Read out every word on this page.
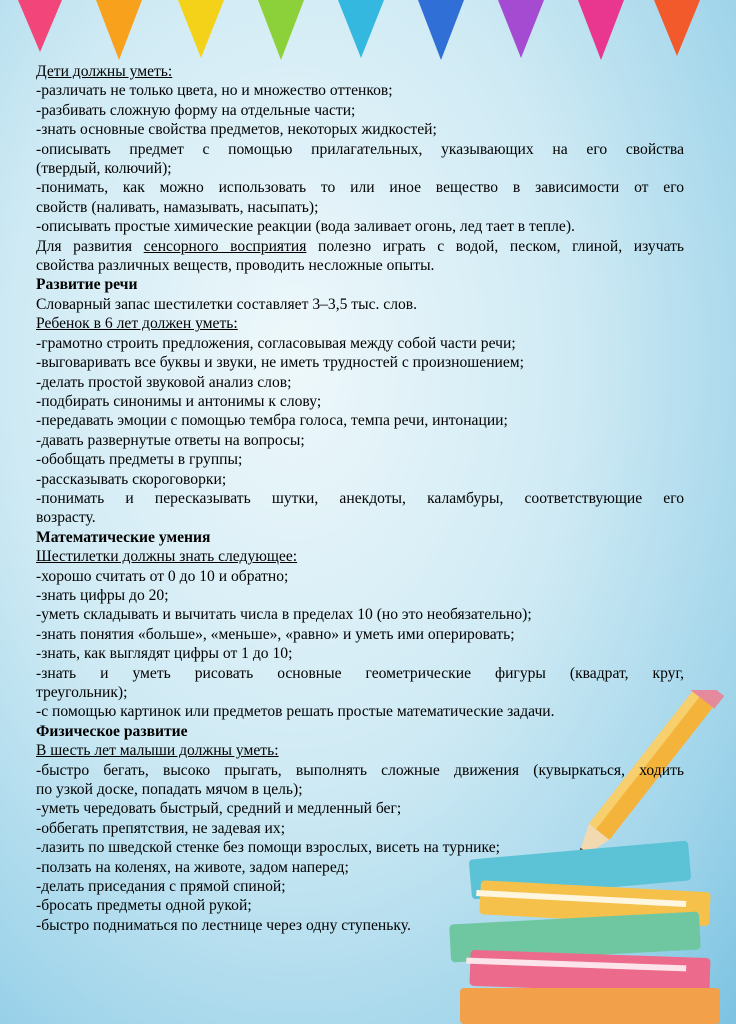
Дети должны уметь:

-различать не только цвета, но и множество оттенков;

-разбивать сложную форму на отдельные части;

-знать основные свойства предметов, некоторых жидкостей;

-описывать предмет с помощью прилагательных, указывающих на его свойства

(твердый, колючий);

-понимать, как можно использовать то или иное вещество в зависимости от его

свойств (наливать, намазывать, насыпать);

-описывать простые химические реакции (вода заливает огонь, лед тает в тепле).

Для развития сенсорного восприятия полезно играть с водой, песком, глиной, изучать

свойства различных веществ, проводить несложные опыты.

Развитие речи

Словарный запас шестилетки составляет 3–3,5 тыс. слов.

Ребенок в 6 лет должен уметь:

-грамотно строить предложения, согласовывая между собой части речи;

-выговаривать все буквы и звуки, не иметь трудностей с произношением;

-делать простой звуковой анализ слов;

-подбирать синонимы и антонимы к слову;

-передавать эмоции с помощью тембра голоса, темпа речи, интонации;

-давать развернутые ответы на вопросы;

-обобщать предметы в группы;

-рассказывать скороговорки;

-понимать и пересказывать шутки, анекдоты, каламбуры, соответствующие его

возрасту.

Математические умения

Шестилетки должны знать следующее:

-хорошо считать от 0 до 10 и обратно;

-знать цифры до 20;

-уметь складывать и вычитать числа в пределах 10 (но это необязательно);

-знать понятия «больше», «меньше», «равно» и уметь ими оперировать;

-знать, как выглядят цифры от 1 до 10;

-знать и уметь рисовать основные геометрические фигуры (квадрат, круг,

треугольник);

-с помощью картинок или предметов решать простые математические задачи.

Физическое развитие

В шесть лет малыши должны уметь:

-быстро бегать, высоко прыгать, выполнять сложные движения (кувыркаться, ходить

по узкой доске, попадать мячом в цель);

-уметь чередовать быстрый, средний и медленный бег;

-оббегать препятствия, не задевая их;

-лазить по шведской стенке без помощи взрослых, висеть на турнике;

-ползать на коленях, на животе, задом наперед;

-делать приседания с прямой спиной;

-бросать предметы одной рукой;

-быстро подниматься по лестнице через одну ступеньку.
